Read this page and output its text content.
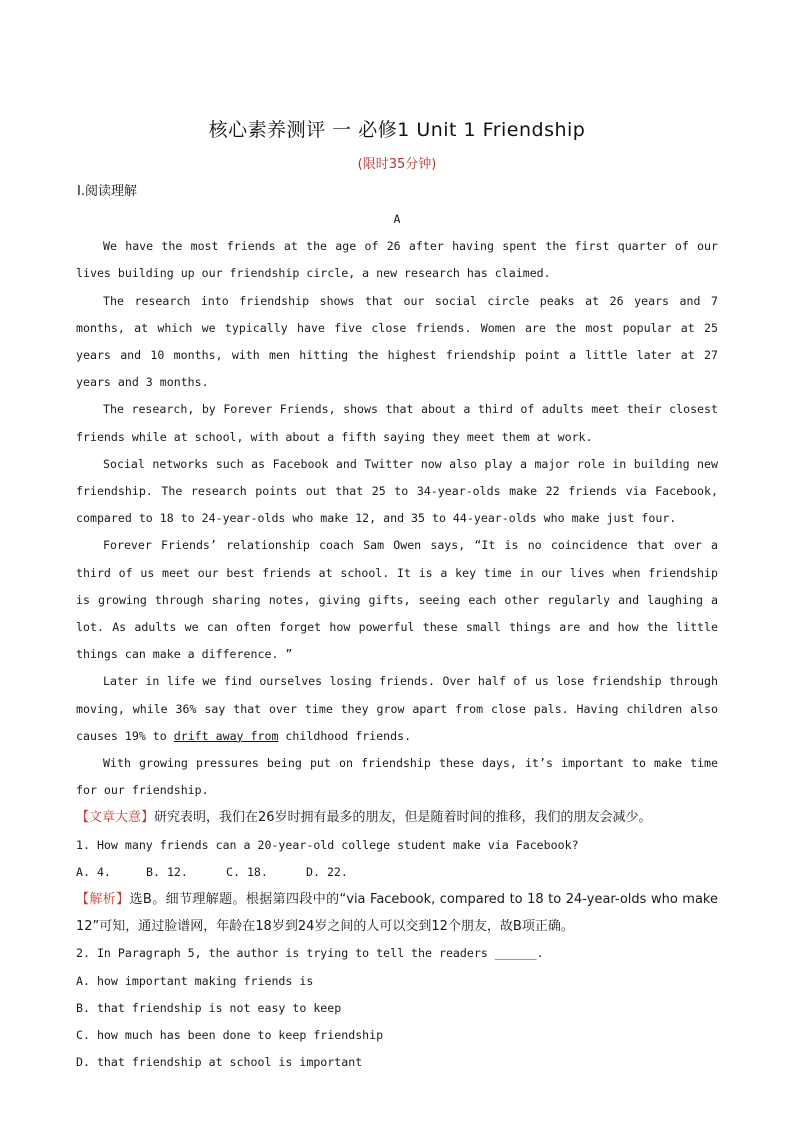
核心素养测评 一 必修1 Unit 1 Friendship
(限时35分钟)
Ⅰ.阅读理解

A

We have the most friends at the age of 26 after having spent the first quarter of our lives building up our friendship circle, a new research has claimed.

The research into friendship shows that our social circle peaks at 26 years and 7 months, at which we typically have five close friends. Women are the most popular at 25 years and 10 months, with men hitting the highest friendship point a little later at 27 years and 3 months.

The research, by Forever Friends, shows that about a third of adults meet their closest friends while at school, with about a fifth saying they meet them at work.

Social networks such as Facebook and Twitter now also play a major role in building new friendship. The research points out that 25 to 34-year-olds make 22 friends via Facebook, compared to 18 to 24-year-olds who make 12, and 35 to 44-year-olds who make just four.

Forever Friends’ relationship coach Sam Owen says, “It is no coincidence that over a third of us meet our best friends at school. It is a key time in our lives when friendship is growing through sharing notes, giving gifts, seeing each other regularly and laughing a lot. As adults we can often forget how powerful these small things are and how the little things can make a difference. ”

Later in life we find ourselves losing friends. Over half of us lose friendship through moving, while 36% say that over time they grow apart from close pals. Having children also causes 19% to drift away from childhood friends.

With growing pressures being put on friendship these days, it’s important to make time for our friendship.

【文章大意】研究表明，我们在26岁时拥有最多的朋友，但是随着时间的推移，我们的朋友会减少。

1. How many friends can a 20-year-old college student make via Facebook?

A. 4.	B. 12.	C. 18.	D. 22.

【解析】选B。细节理解题。根据第四段中的“via Facebook, compared to 18 to 24-year-olds who make 12”可知，通过脸谱网，年龄在18岁到24岁之间的人可以交到12个朋友，故B项正确。

2. In Paragraph 5, the author is trying to tell the readers ______.

A. how important making friends is

B. that friendship is not easy to keep

C. how much has been done to keep friendship

D. that friendship at school is important
